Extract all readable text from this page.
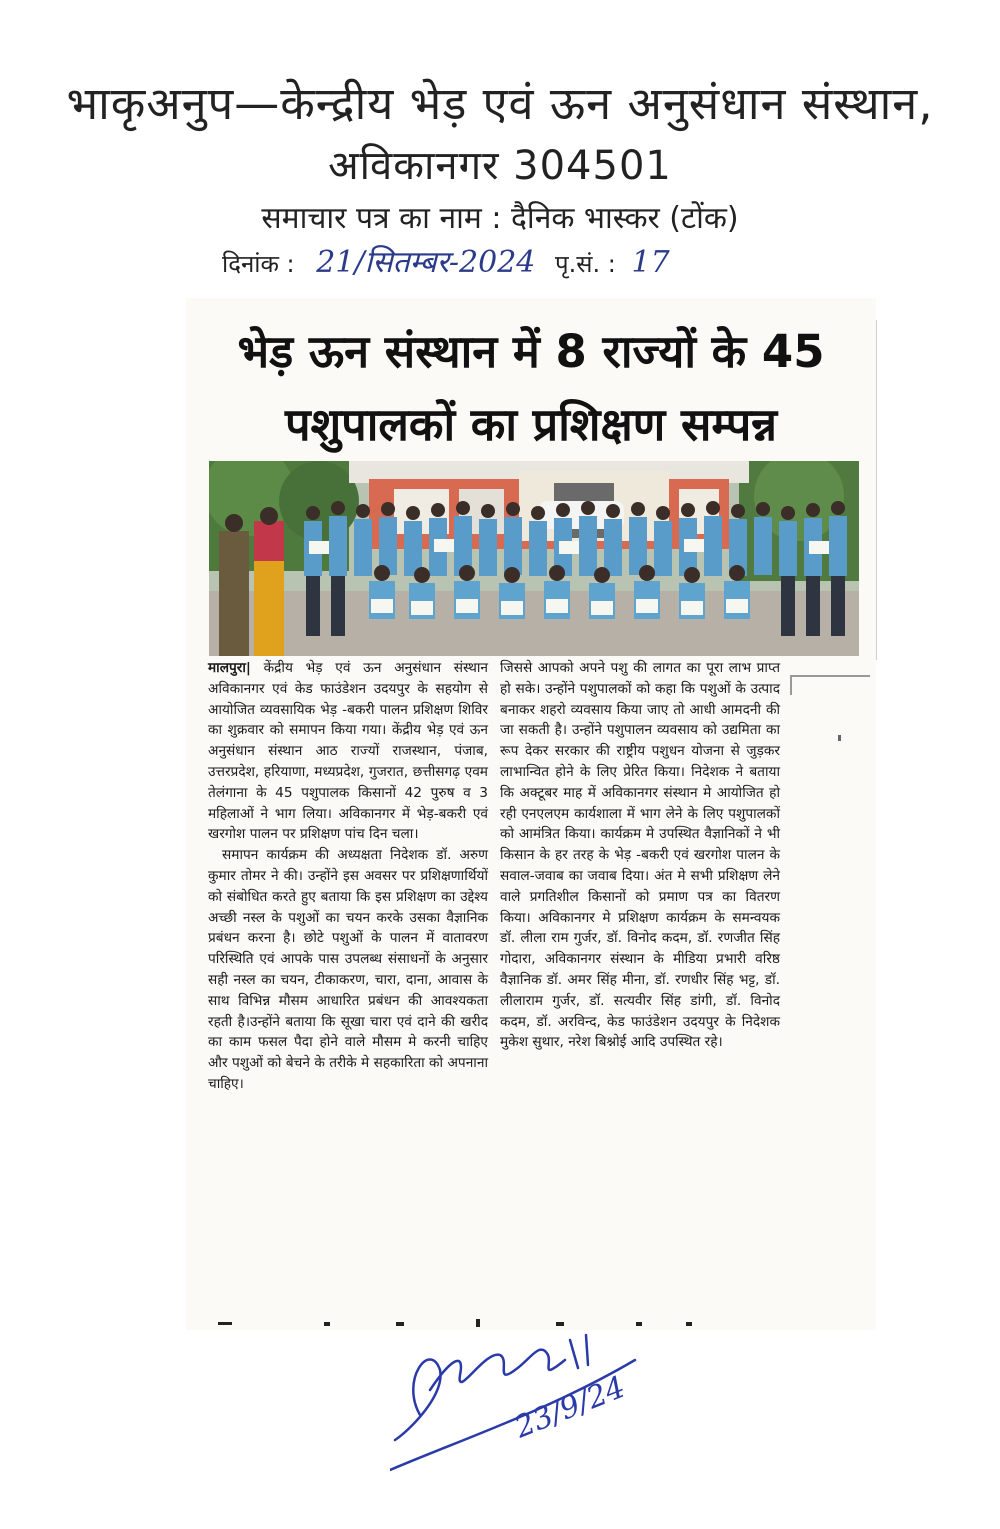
भाकृअनुप—केन्द्रीय भेड़ एवं ऊन अनुसंधान संस्थान,
अविकानगर 304501
समाचार पत्र का नाम : दैनिक भास्कर (टोंक)
दिनांक : 21/सितम्बर-2024 पृ.सं. : 17
भेड़ ऊन संस्थान में 8 राज्यों के 45
पशुपालकों का प्रशिक्षण सम्पन्न

मालपुरा| केंद्रीय भेड़ एवं ऊन अनुसंधान संस्थान अविकानगर एवं केड फाउंडेशन उदयपुर के सहयोग से आयोजित व्यवसायिक भेड़ -बकरी पालन प्रशिक्षण शिविर का शुक्रवार को समापन किया गया। केंद्रीय भेड़ एवं ऊन अनुसंधान संस्थान आठ राज्यों राजस्थान, पंजाब, उत्तरप्रदेश, हरियाणा, मध्यप्रदेश, गुजरात, छत्तीसगढ़ एवम तेलंगाना के 45 पशुपालक किसानों 42 पुरुष व 3 महिलाओं ने भाग लिया। अविकानगर में भेड़-बकरी एवं खरगोश पालन पर प्रशिक्षण पांच दिन चला।

समापन कार्यक्रम की अध्यक्षता निदेशक डॉ. अरुण कुमार तोमर ने की। उन्होंने इस अवसर पर प्रशिक्षणार्थियों को संबोधित करते हुए बताया कि इस प्रशिक्षण का उद्देश्य अच्छी नस्ल के पशुओं का चयन करके उसका वैज्ञानिक प्रबंधन करना है। छोटे पशुओं के पालन में वातावरण परिस्थिति एवं आपके पास उपलब्ध संसाधनों के अनुसार सही नस्ल का चयन, टीकाकरण, चारा, दाना, आवास के साथ विभिन्न मौसम आधारित प्रबंधन की आवश्यकता रहती है।उन्होंने बताया कि सूखा चारा एवं दाने की खरीद का काम फसल पैदा होने वाले मौसम मे करनी चाहिए और पशुओं को बेचने के तरीके मे सहकारिता को अपनाना चाहिए।

जिससे आपको अपने पशु की लागत का पूरा लाभ प्राप्त हो सके। उन्होंने पशुपालकों को कहा कि पशुओं के उत्पाद बनाकर शहरो व्यवसाय किया जाए तो आधी आमदनी की जा सकती है। उन्होंने पशुपालन व्यवसाय को उद्यमिता का रूप देकर सरकार की राष्ट्रीय पशुधन योजना से जुड़कर लाभान्वित होने के लिए प्रेरित किया। निदेशक ने बताया कि अक्टूबर माह में अविकानगर संस्थान मे आयोजित हो रही एनएलएम कार्यशाला में भाग लेने के लिए पशुपालकों को आमंत्रित किया। कार्यक्रम मे उपस्थित वैज्ञानिकों ने भी किसान के हर तरह के भेड़ -बकरी एवं खरगोश पालन के सवाल-जवाब का जवाब दिया। अंत मे सभी प्रशिक्षण लेने वाले प्रगतिशील किसानों को प्रमाण पत्र का वितरण किया। अविकानगर मे प्रशिक्षण कार्यक्रम के समन्वयक डॉ. लीला राम गुर्जर, डॉ. विनोद कदम, डॉ. रणजीत सिंह गोदारा, अविकानगर संस्थान के मीडिया प्रभारी वरिष्ठ वैज्ञानिक डॉ. अमर सिंह मीना, डॉ. रणधीर सिंह भट्ट, डॉ. लीलाराम गुर्जर, डॉ. सत्यवीर सिंह डांगी, डॉ. विनोद कदम, डॉ. अरविन्द, केड फाउंडेशन उदयपुर के निदेशक मुकेश सुथार, नरेश बिश्नोई आदि उपस्थित रहे।

23/9/24
